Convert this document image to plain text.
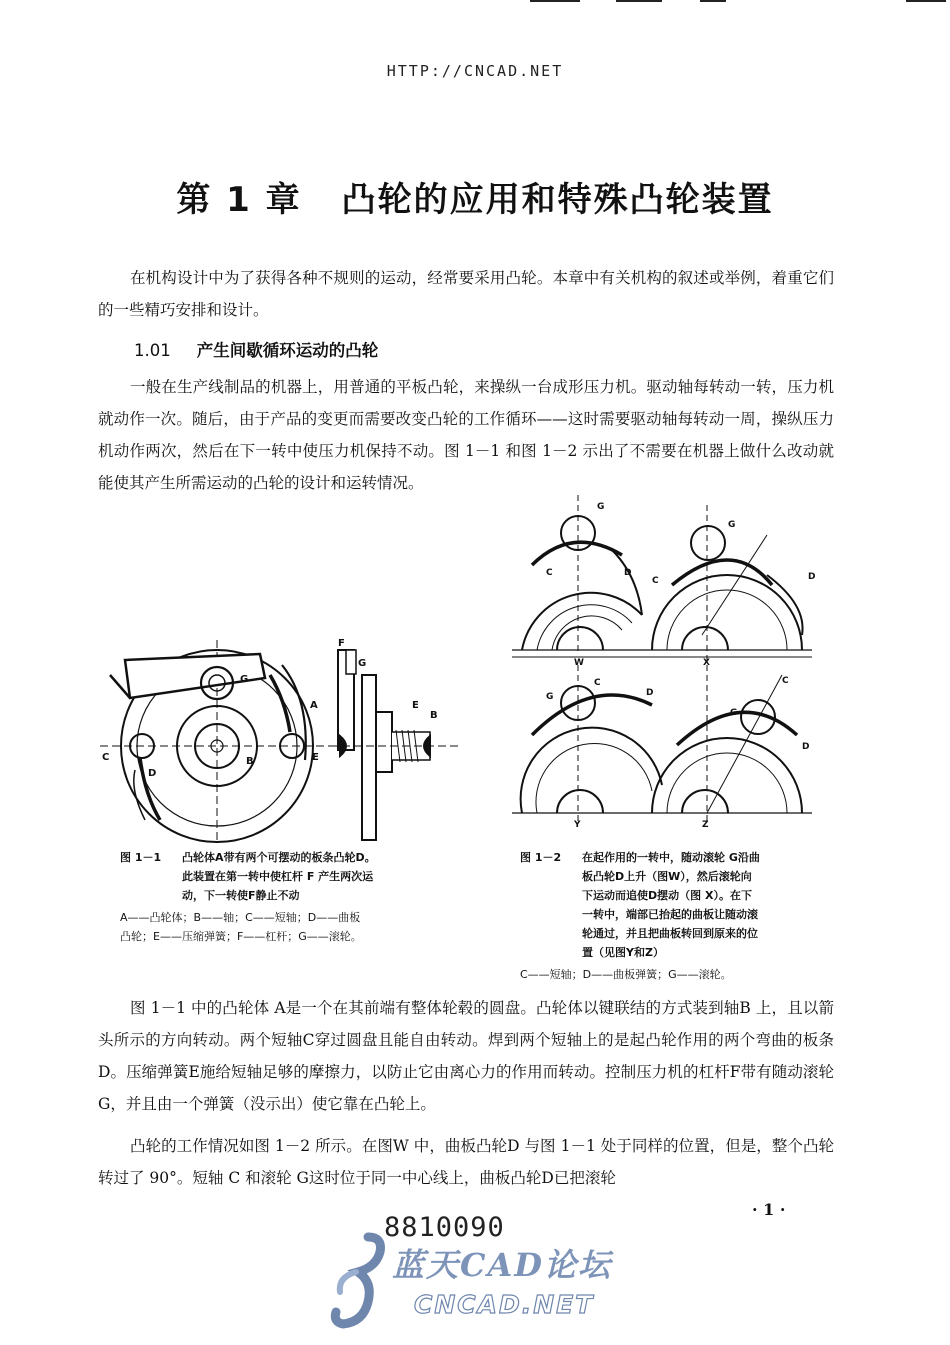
HTTP://CNCAD.NET
第 1 章 凸轮的应用和特殊凸轮装置
在机构设计中为了获得各种不规则的运动，经常要采用凸轮。本章中有关机构的叙述或举例，着重它们的一些精巧安排和设计。
1.01 产生间歇循环运动的凸轮
一般在生产线制品的机器上，用普通的平板凸轮，来操纵一台成形压力机。驱动轴每转动一转，压力机就动作一次。随后，由于产品的变更而需要改变凸轮的工作循环——这时需要驱动轴每转动一周，操纵压力机动作两次，然后在下一转中使压力机保持不动。图 1－1 和图 1－2 示出了不需要在机器上做什么改动就能使其产生所需运动的凸轮的设计和运转情况。
G
A
C
D
B	E
F
G
E
B
图 1－1 凸轮体A带有两个可摆动的板条凸轮D。
此装置在第一转中使杠杆 F 产生两次运
动，下一转使F静止不动
A——凸轮体；B——轴；C——短轴；D——曲板
凸轮；E——压缩弹簧；F——杠杆；G——滚轮。
G
C	D
W
G
C	D
X
C
D
G
Y
C
D
G
Z
图 1－2 在起作用的一转中，随动滚轮 G沿曲
板凸轮D上升（图W），然后滚轮向
下运动而追使D摆动（图 X）。在下
一转中，端部已抬起的曲板让随动滚
轮通过，并且把曲板转回到原来的位
置（见图Y和Z）
C——短轴；D——曲板弹簧；G——滚轮。
图 1－1 中的凸轮体 A是一个在其前端有整体轮毂的圆盘。凸轮体以键联结的方式装到轴B 上，且以箭头所示的方向转动。两个短轴C穿过圆盘且能自由转动。焊到两个短轴上的是起凸轮作用的两个弯曲的板条D。压缩弹簧E施给短轴足够的摩擦力，以防止它由离心力的作用而转动。控制压力机的杠杆F带有随动滚轮 G，并且由一个弹簧（没示出）使它靠在凸轮上。
凸轮的工作情况如图 1－2 所示。在图W 中，曲板凸轮D 与图 1－1 处于同样的位置，但是，整个凸轮转过了 90°。短轴 C 和滚轮 G这时位于同一中心线上，曲板凸轮D已把滚轮
· 1 ·
8810090
蓝天CAD论坛
CNCAD.NET
